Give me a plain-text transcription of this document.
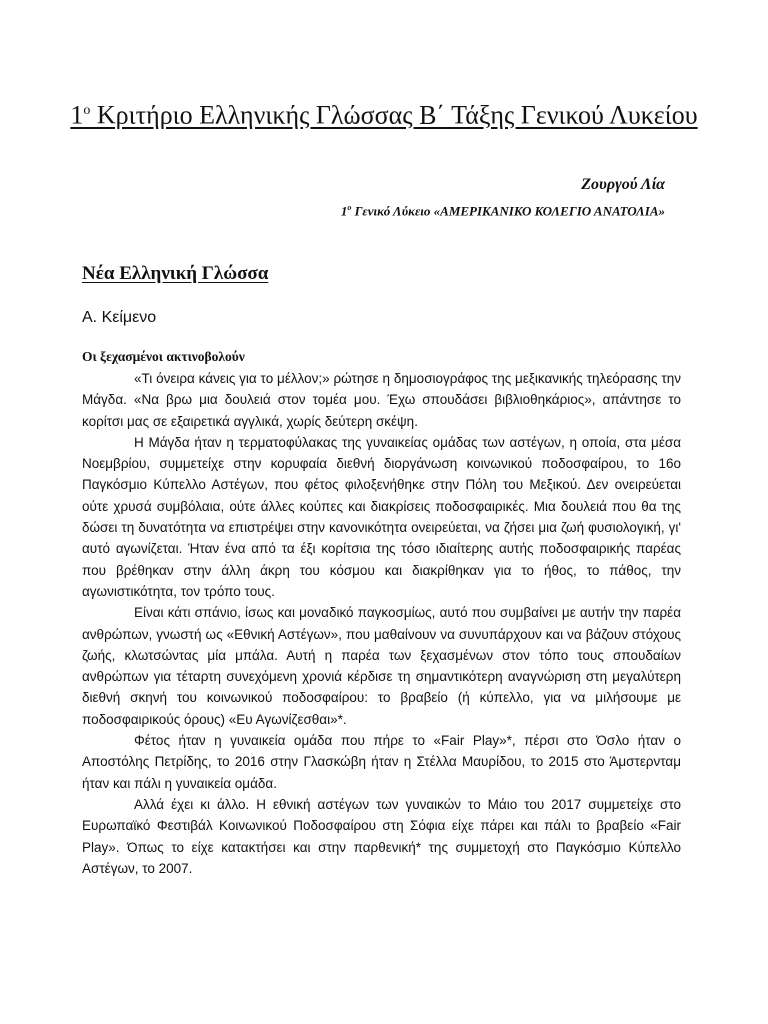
$1^o$ Κριτήριο Ελληνικής Γλώσσας Β΄ Τάξης Γενικού Λυκείου

Ζουργού Λία

$1^o$ Γενικό Λύκειο «ΑΜΕΡΙΚΑΝΙΚΟ ΚΟΛΕΓΙΟ ΑΝΑΤΟΛΙΑ»

Νέα Ελληνική Γλώσσα
Α. Κείμενο
Οι ξεχασμένοι ακτινοβολούν

«Τι όνειρα κάνεις για το μέλλον;» ρώτησε η δημοσιογράφος της μεξικανικής τηλεόρασης την Μάγδα. «Να βρω μια δουλειά στον τομέα μου. Έχω σπουδάσει βιβλιοθηκάριος», απάντησε το κορίτσι μας σε εξαιρετικά αγγλικά, χωρίς δεύτερη σκέψη.

Η Μάγδα ήταν η τερματοφύλακας της γυναικείας ομάδας των αστέγων, η οποία, στα μέσα Νοεμβρίου, συμμετείχε στην κορυφαία διεθνή διοργάνωση κοινωνικού ποδοσφαίρου, το 16ο Παγκόσμιο Κύπελλο Αστέγων, που φέτος φιλοξενήθηκε στην Πόλη του Μεξικού. Δεν ονειρεύεται ούτε χρυσά συμβόλαια, ούτε άλλες κούπες και διακρίσεις ποδοσφαιρικές. Μια δουλειά που θα της δώσει τη δυνατότητα να επιστρέψει στην κανονικότητα ονειρεύεται, να ζήσει μια ζωή φυσιολογική, γι' αυτό αγωνίζεται. Ήταν ένα από τα έξι κορίτσια της τόσο ιδιαίτερης αυτής ποδοσφαιρικής παρέας που βρέθηκαν στην άλλη άκρη του κόσμου και διακρίθηκαν για το ήθος, το πάθος, την αγωνιστικότητα, τον τρόπο τους.

Είναι κάτι σπάνιο, ίσως και μοναδικό παγκοσμίως, αυτό που συμβαίνει με αυτήν την παρέα ανθρώπων, γνωστή ως «Εθνική Αστέγων», που μαθαίνουν να συνυπάρχουν και να βάζουν στόχους ζωής, κλωτσώντας μία μπάλα. Αυτή η παρέα των ξεχασμένων στον τόπο τους σπουδαίων ανθρώπων για τέταρτη συνεχόμενη χρονιά κέρδισε τη σημαντικότερη αναγνώριση στη μεγαλύτερη διεθνή σκηνή του κοινωνικού ποδοσφαίρου: το βραβείο (ή κύπελλο, για να μιλήσουμε με ποδοσφαιρικούς όρους) «Ευ Αγωνίζεσθαι»*.

Φέτος ήταν η γυναικεία ομάδα που πήρε το «Fair Play»*, πέρσι στο Όσλο ήταν ο Αποστόλης Πετρίδης, το 2016 στην Γλασκώβη ήταν η Στέλλα Μαυρίδου, το 2015 στο Άμστερνταμ ήταν και πάλι η γυναικεία ομάδα.

Αλλά έχει κι άλλο. Η εθνική αστέγων των γυναικών το Μάιο του 2017 συμμετείχε στο Ευρωπαϊκό Φεστιβάλ Κοινωνικού Ποδοσφαίρου στη Σόφια είχε πάρει και πάλι το βραβείο «Fair Play». Όπως το είχε κατακτήσει και στην παρθενική* της συμμετοχή στο Παγκόσμιο Κύπελλο Αστέγων, το 2007.
